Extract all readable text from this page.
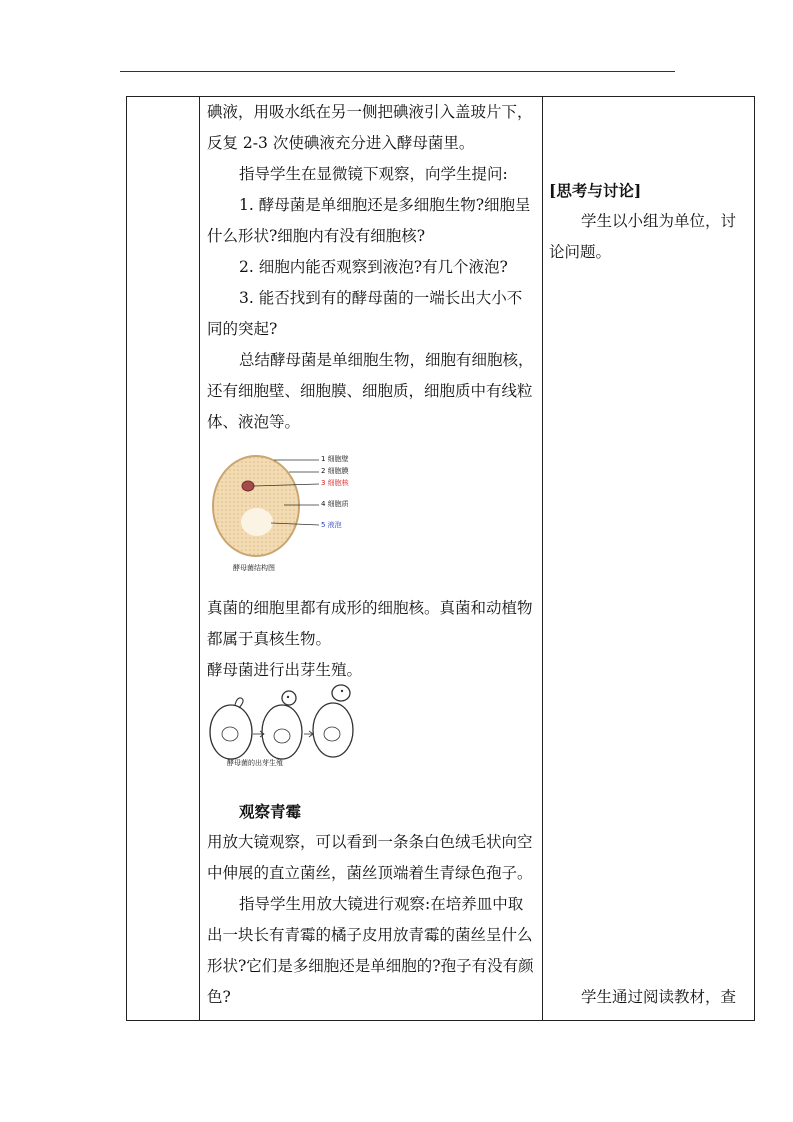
碘液，用吸水纸在另一侧把碘液引入盖玻片下，反复 2-3 次使碘液充分进入酵母菌里。

指导学生在显微镜下观察，向学生提问:

1. 酵母菌是单细胞还是多细胞生物?细胞呈什么形状?细胞内有没有细胞核?

2. 细胞内能否观察到液泡?有几个液泡?

3. 能否找到有的酵母菌的一端长出大小不同的突起?

总结酵母菌是单细胞生物，细胞有细胞核，还有细胞壁、细胞膜、细胞质，细胞质中有线粒体、液泡等。

真菌的细胞里都有成形的细胞核。真菌和动植物都属于真核生物。

酵母菌进行出芽生殖。

观察青霉

用放大镜观察，可以看到一条条白色绒毛状向空中伸展的直立菌丝，菌丝顶端着生青绿色孢子。

指导学生用放大镜进行观察:在培养皿中取出一块长有青霉的橘子皮用放青霉的菌丝呈什么形状?它们是多细胞还是单细胞的?孢子有没有颜色?

1 细胞壁
2 细胞膜
3 细胞核
4 细胞质
5 液泡
酵母菌结构图
酵母菌的出芽生殖

[思考与讨论]

学生以小组为单位，讨论问题。

学生通过阅读教材，查
